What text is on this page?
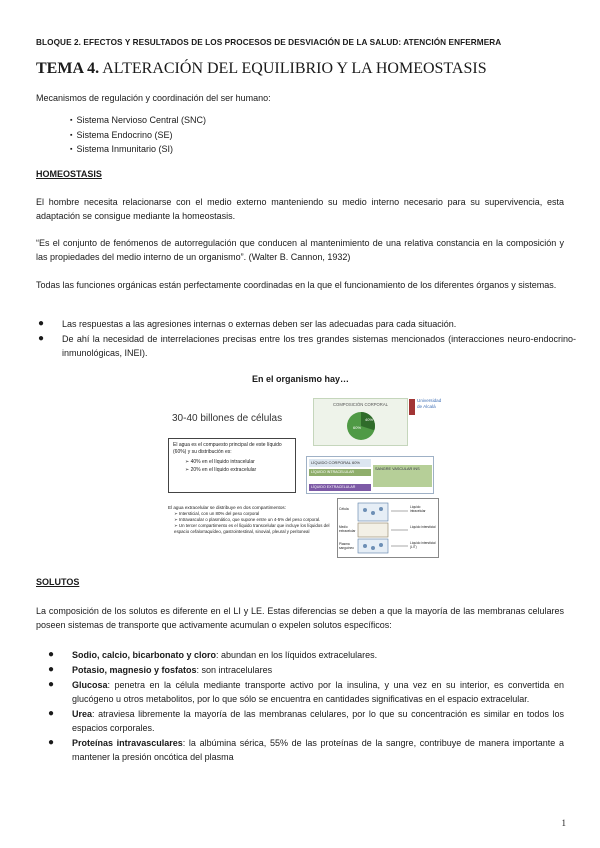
BLOQUE 2. EFECTOS Y RESULTADOS DE LOS PROCESOS DE DESVIACIÓN DE LA SALUD: ATENCIÓN ENFERMERA
TEMA 4. ALTERACIÓN DEL EQUILIBRIO Y LA HOMEOSTASIS
Mecanismos de regulación y coordinación del ser humano:
▪ Sistema Nervioso Central (SNC)
▪ Sistema Endocrino (SE)
▪ Sistema Inmunitario (SI)
HOMEOSTASIS
El hombre necesita relacionarse con el medio externo manteniendo su medio interno necesario para su supervivencia, esta adaptación se consigue mediante la homeostasis.
“Es el conjunto de fenómenos de autorregulación que conducen al mantenimiento de una relativa constancia en la composición y las propiedades del medio interno de un organismo”. (Walter B. Cannon, 1932)
Todas las funciones orgánicas están perfectamente coordinadas en la que el funcionamiento de los diferentes órganos y sistemas.
● Las respuestas a las agresiones internas o externas deben ser las adecuadas para cada situación.
● De ahí la necesidad de interrelaciones precisas entre los tres grandes sistemas mencionados (interacciones neuro-endocrino-inmunológicas, INEI).
En el organismo hay…
30-40 billones de células
El agua es el compuesto principal de este líquido (60%) y su distribución es:
➢ 40% en el líquido intracelular
➢ 20% en el líquido extracelular
COMPOSICIÓN CORPORAL
60%
40%
Universidad de Alcalá
LÍQUIDO CORPORAL 60%
LÍQUIDO INTRACELULAR
LÍQUIDO EXTRACELULAR
SANGRE VASCULAR INS
El agua extracelular se distribuye en dos compartimentos:
➢ Intersticial, con un 80% del peso corporal
➢ Intravascular o plasmático, que supone entre un 4-5% del peso corporal.
➢ Un tercer compartimento es el líquido transcelular que incluye los líquidos del espacio cefalorraquídeo, gastrointestinal, sinovial, pleural y peritoneal
Célula
Medio extracelular
Plasma sanguíneo
Líquido intracelular
Líquido intersticial
Líquido intersticial (LIT)
SOLUTOS
La composición de los solutos es diferente en el LI y LE. Estas diferencias se deben a que la mayoría de las membranas celulares poseen sistemas de transporte que activamente acumulan o expelen solutos específicos:
● Sodio, calcio, bicarbonato y cloro: abundan en los líquidos extracelulares.
● Potasio, magnesio y fosfatos: son intracelulares
● Glucosa: penetra en la célula mediante transporte activo por la insulina, y una vez en su interior, es convertida en glucógeno u otros metabolitos, por lo que sólo se encuentra en cantidades significativas en el espacio extracelular.
● Urea: atraviesa libremente la mayoría de las membranas celulares, por lo que su concentración es similar en todos los espacios corporales.
● Proteínas intravasculares: la albúmina sérica, 55% de las proteínas de la sangre, contribuye de manera importante a mantener la presión oncótica del plasma
1
